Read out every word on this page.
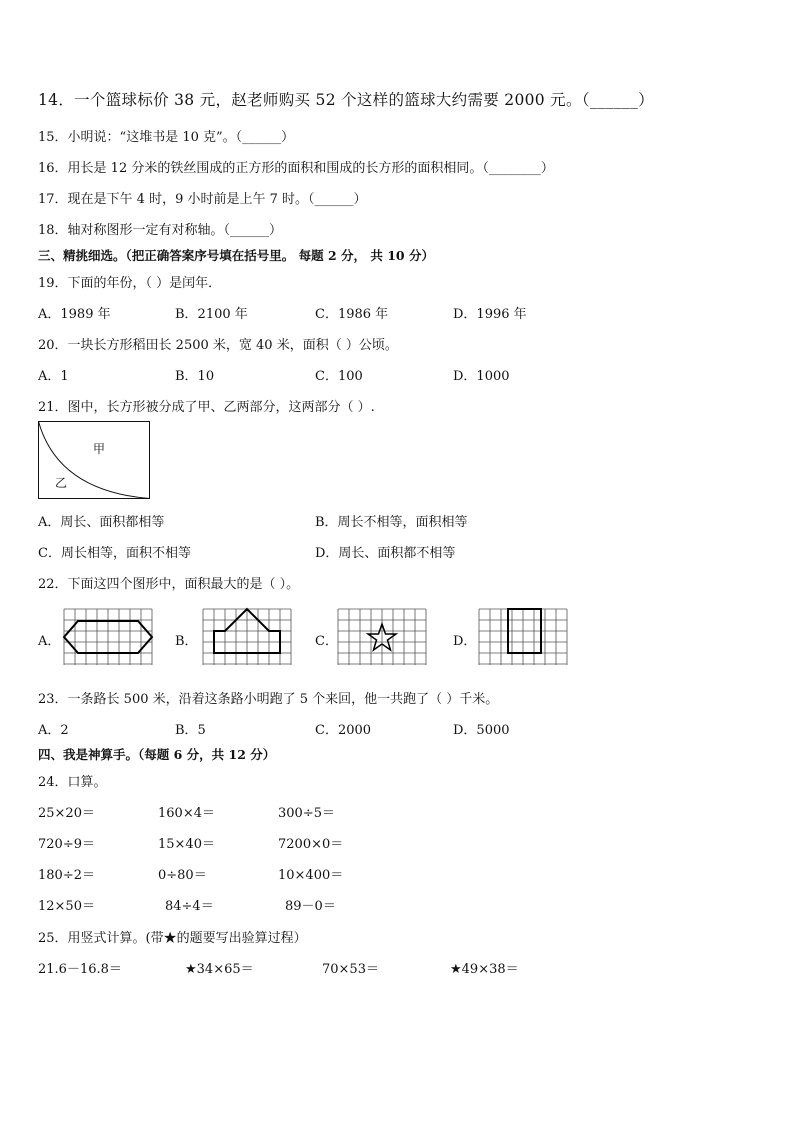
14．一个篮球标价 38 元，赵老师购买 52 个这样的篮球大约需要 2000 元。（______）
15．小明说：“这堆书是 10 克”。（______）
16．用长是 12 分米的铁丝围成的正方形的面积和围成的长方形的面积相同。（________）
17．现在是下午 4 时，9 小时前是上午 7 时。（______）
18．轴对称图形一定有对称轴。（______）
三、精挑细选。（把正确答案序号填在括号里。 每题 2 分， 共 10 分）
19．下面的年份，（ ）是闰年．
A．1989 年	B．2100 年	C．1986 年	D．1996 年
20．一块长方形稻田长 2500 米，宽 40 米，面积（ ）公顷。
A．1	B．10	C．100	D．1000
21．图中，长方形被分成了甲、乙两部分，这两部分（ ）.
甲
乙
A．周长、面积都相等	B．周长不相等，面积相等
C．周长相等，面积不相等	D．周长、面积都不相等
22．下面这四个图形中，面积最大的是（ ）。
A．	B．	C．	D．
23．一条路长 500 米，沿着这条路小明跑了 5 个来回，他一共跑了（ ）千米。
A．2	B．5	C．2000	D．5000
四、我是神算手。（每题 6 分，共 12 分）
24．口算。
25×20＝	160×4＝	300÷5＝
720÷9＝	15×40＝	7200×0＝
180÷2＝	0÷80＝	10×400＝
12×50＝	84÷4＝	89－0＝
25．用竖式计算。(带★的题要写出验算过程）
21.6－16.8＝	★34×65＝	70×53＝	★49×38＝
